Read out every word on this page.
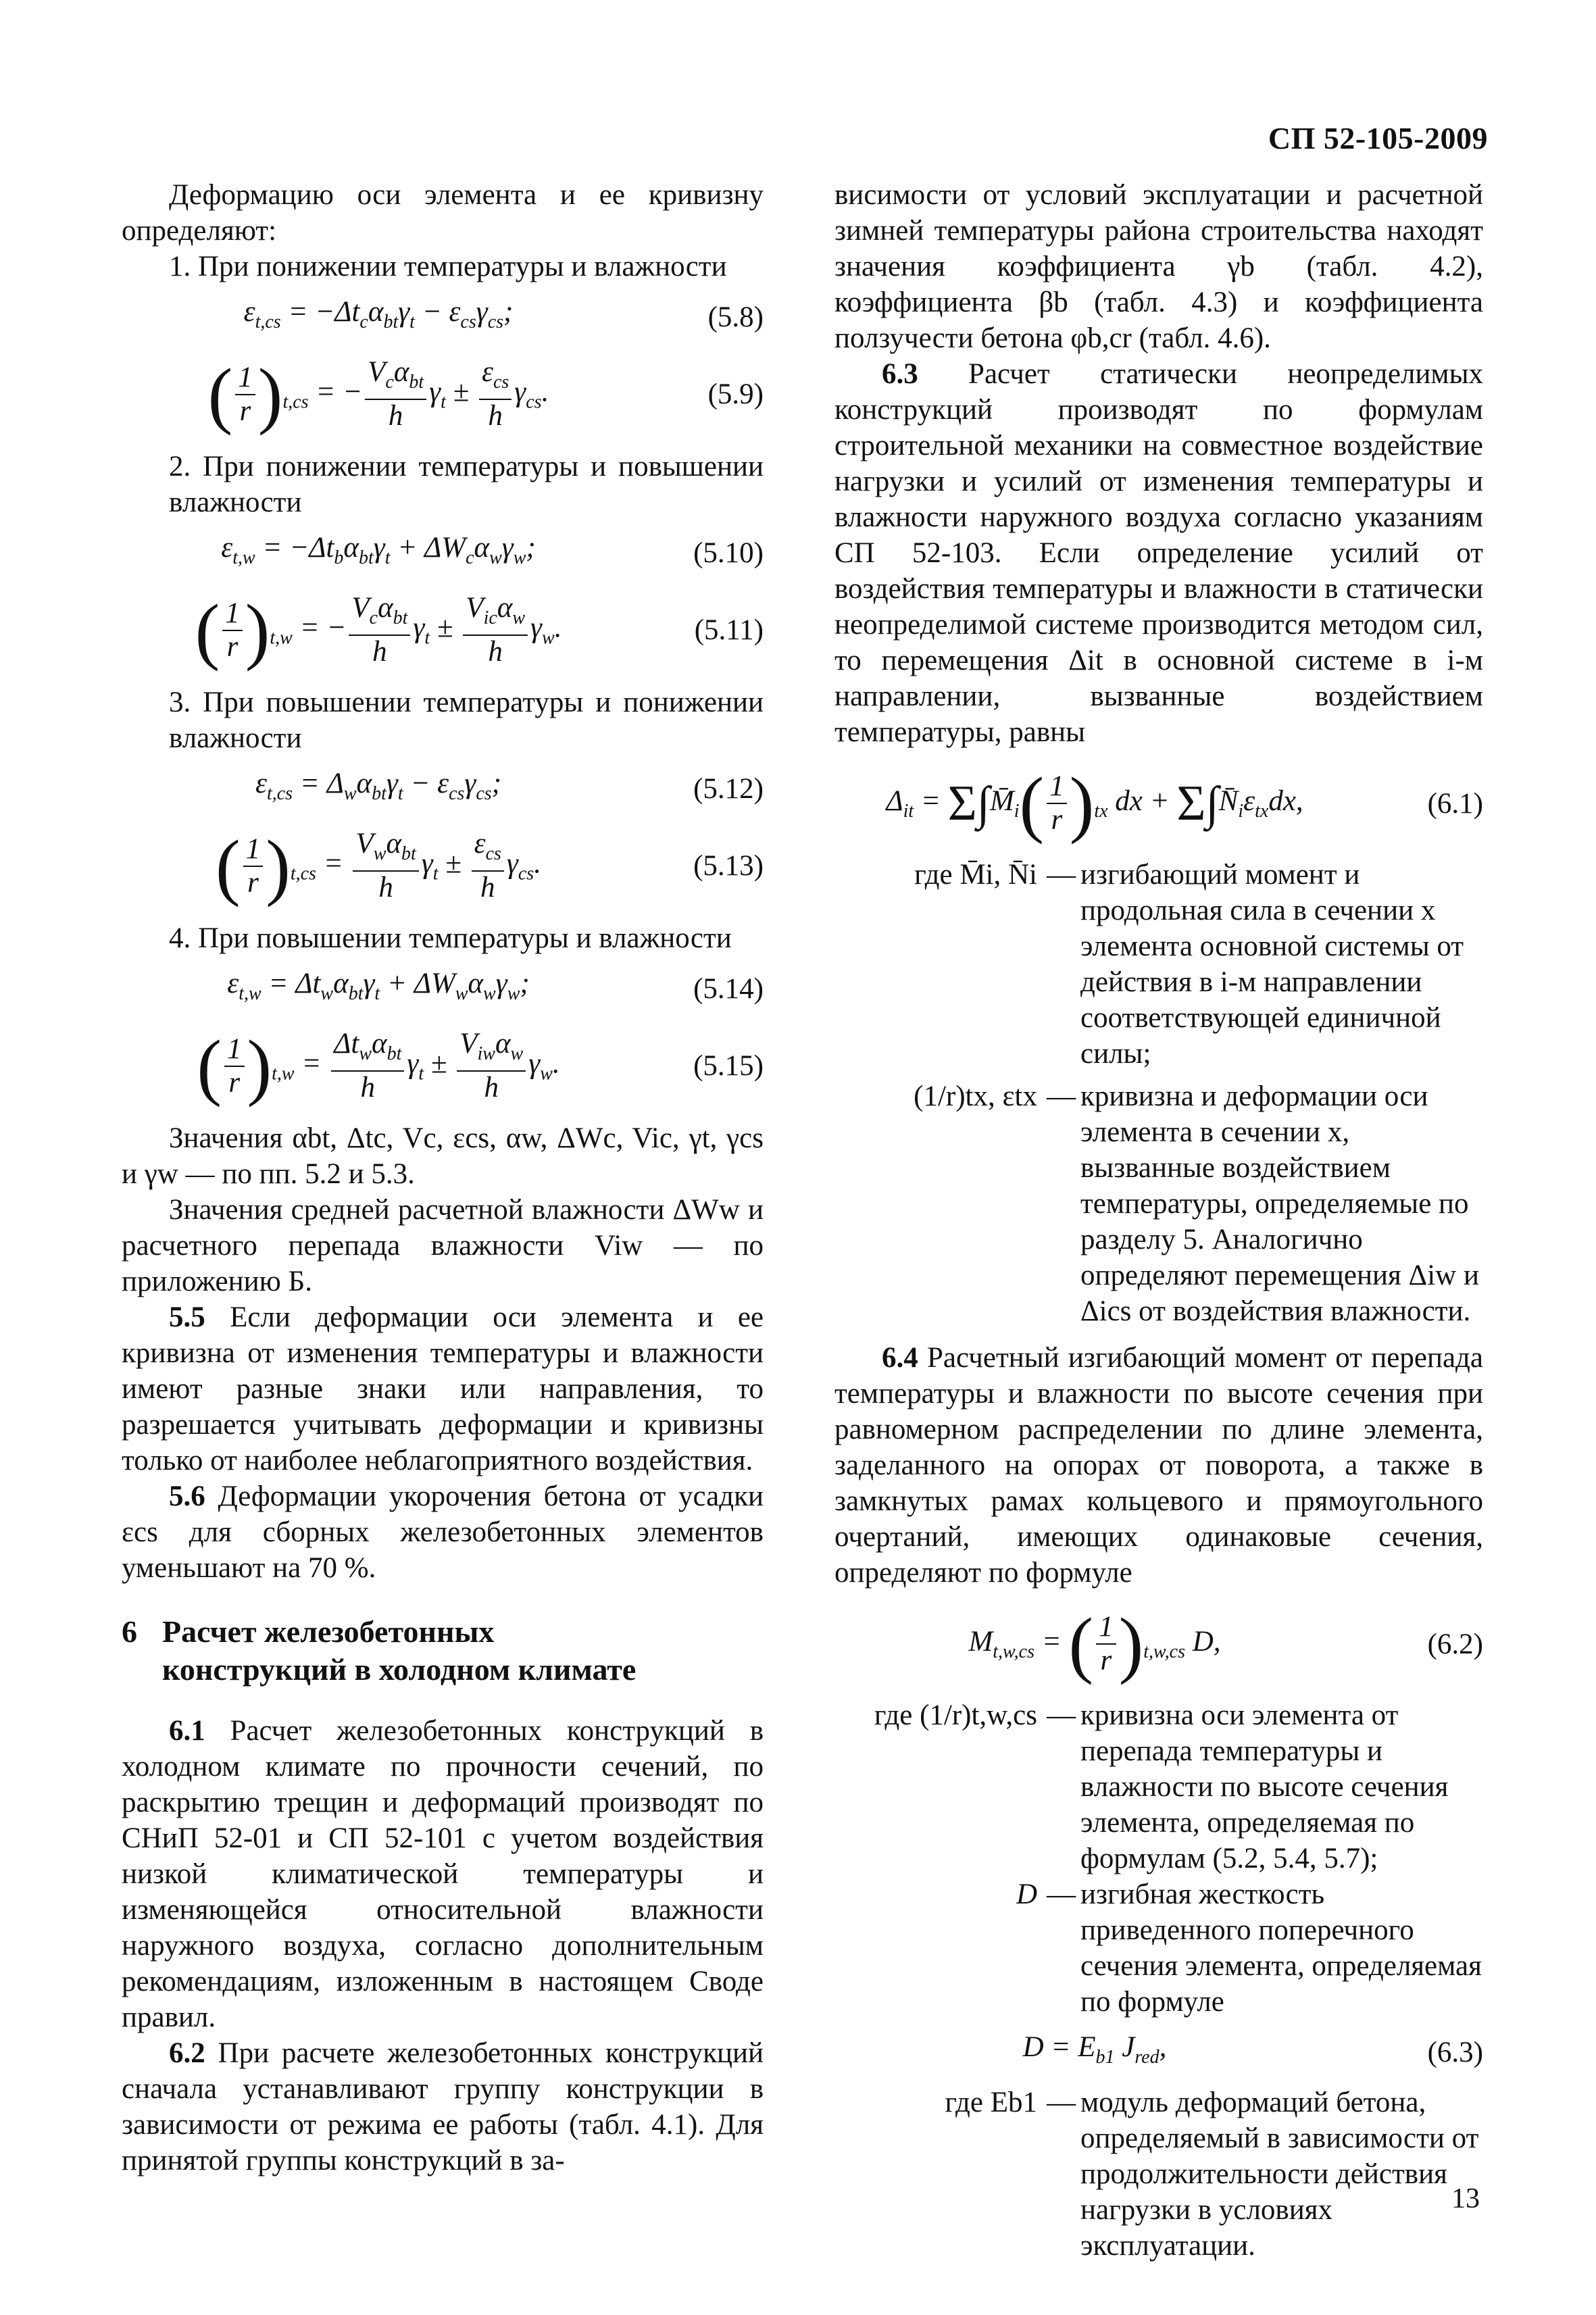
СП 52-105-2009

Деформацию оси элемента и ее кривизну определяют:

1. При понижении температуры и влажности

$\varepsilon_{t,cs} = -\Delta t_c\alpha_{bt}\gamma_t - \varepsilon_{cs}\gamma_{cs}$;	(5.8)
( $\frac{1}{r} )_{t,cs}$ = − $\frac{V_c\alpha_{bt}}{h} \gamma_t \pm \frac{\varepsilon_{cs}}{h} \gamma_{cs}$.	(5.9)

2. При понижении температуры и повышении влажности

$\varepsilon_{t,w} = -\Delta t_b\alpha_{bt}\gamma_t + \Delta W_c\alpha_w\gamma_w$;	(5.10)
( $\frac{1}{r} )_{t,w}$ = − $\frac{V_c\alpha_{bt}}{h} \gamma_t \pm \frac{V_{ic}\alpha_w}{h} \gamma_w$.	(5.11)

3. При повышении температуры и понижении влажности

$\varepsilon_{t,cs} = \Delta_w\alpha_{bt}\gamma_t - \varepsilon_{cs}\gamma_{cs}$;	(5.12)
( $\frac{1}{r} )_{t,cs} = \frac{V_w\alpha_{bt}}{h} \gamma_t \pm \frac{\varepsilon_{cs}}{h} \gamma_{cs}$.	(5.13)

4. При повышении температуры и влажности

$\varepsilon_{t,w} = \Delta t_w\alpha_{bt}\gamma_t + \Delta W_w\alpha_w\gamma_w$;	(5.14)
( $\frac{1}{r} )_{t,w} = \frac{\Delta t_w\alpha_{bt}}{h} \gamma_t \pm \frac{V_{iw}\alpha_w}{h} \gamma_w$.	(5.15)

Значения αbt, Δtc, Vc, εcs, αw, ΔWc, Vic, γt, γcs и γw — по пп. 5.2 и 5.3.

Значения средней расчетной влажности ΔWw и расчетного перепада влажности Viw — по приложению Б.

5.5 Если деформации оси элемента и ее кривизна от изменения температуры и влажности имеют разные знаки или направления, то разрешается учитывать деформации и кривизны только от наиболее неблагоприятного воздействия.

5.6 Деформации укорочения бетона от усадки εcs для сборных железобетонных элементов уменьшают на 70 %.

6 Расчет железобетонных конструкций в холодном климате

6.1 Расчет железобетонных конструкций в холодном климате по прочности сечений, по раскрытию трещин и деформаций производят по СНиП 52-01 и СП 52-101 с учетом воздействия низкой климатической температуры и изменяющейся относительной влажности наружного воздуха, согласно дополнительным рекомендациям, изложенным в настоящем Своде правил.

6.2 При расчете железобетонных конструкций сначала устанавливают группу конструкции в зависимости от режима ее работы (табл. 4.1). Для принятой группы конструкций в за-

висимости от условий эксплуатации и расчетной зимней температуры района строительства находят значения коэффициента γb (табл. 4.2), коэффициента βb (табл. 4.3) и коэффициента ползучести бетона φb,cr (табл. 4.6).

6.3 Расчет статически неопределимых конструкций производят по формулам строительной механики на совместное воздействие нагрузки и усилий от изменения температуры и влажности наружного воздуха согласно указаниям СП 52-103. Если определение усилий от воздействия температуры и влажности в статически неопределимой системе производится методом сил, то перемещения Δit в основной системе в i-м направлении, вызванные воздействием температуры, равны

$\Delta_{it}$ = $\Sigma\int M̄_i( \frac{1}{r} )_{tx}$ dx + $\Sigma\int N̄_i\varepsilon_{tx}dx$,	(6.1)
где M̄i, N̄i — изгибающий момент и продольная сила в сечении x элемента основной системы от действия в i-м направлении соответствующей единичной силы;
(1/r)tx, εtx — кривизна и деформации оси элемента в сечении x, вызванные воздействием температуры, определяемые по разделу 5. Аналогично определяют перемещения Δiw и Δics от воздействия влажности.

6.4 Расчетный изгибающий момент от перепада температуры и влажности по высоте сечения при равномерном распределении по длине элемента, заделанного на опорах от поворота, а также в замкнутых рамах кольцевого и прямоугольного очертаний, имеющих одинаковые сечения, определяют по формуле

$M_{t,w,cs}$ = ( $\frac{1}{r} )_{t,w,cs}$ D,	(6.2)
где (1/r)t,w,cs — кривизна оси элемента от перепада температуры и влажности по высоте сечения элемента, определяемая по формулам (5.2, 5.4, 5.7);
D — изгибная жесткость приведенного поперечного сечения элемента, определяемая по формуле
$D = E_{b1}$ $J_{red}$,	(6.3)
где Eb1 — модуль деформаций бетона, определяемый в зависимости от продолжительности действия нагрузки в условиях эксплуатации.
13
